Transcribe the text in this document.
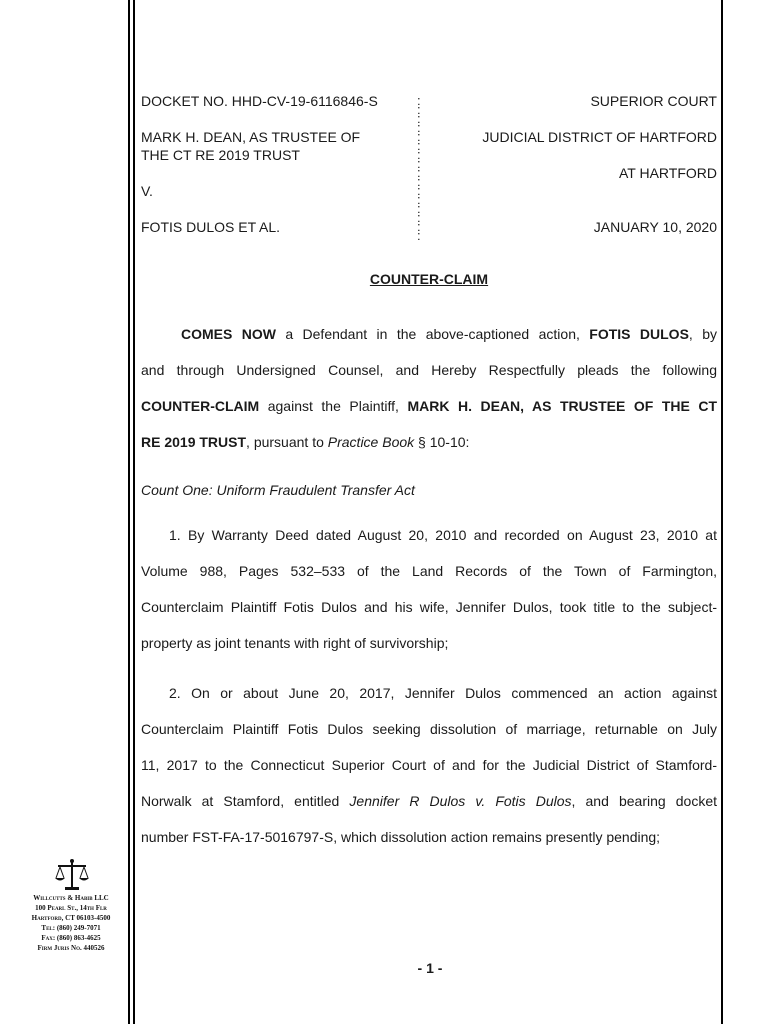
DOCKET NO. HHD-CV-19-6116846-S
MARK H. DEAN, AS TRUSTEE OF
THE CT RE 2019 TRUST
V.
FOTIS DULOS ET AL.
:
:
:
:
:
:
:
:
:
:
:
:
:
:
:
:
SUPERIOR COURT
JUDICIAL DISTRICT OF HARTFORD
AT HARTFORD
JANUARY 10, 2020
COUNTER-CLAIM
COMES NOW a Defendant in the above-captioned action, FOTIS DULOS, by
and through Undersigned Counsel, and Hereby Respectfully pleads the following
COUNTER-CLAIM against the Plaintiff, MARK H. DEAN, AS TRUSTEE OF THE CT
RE 2019 TRUST, pursuant to Practice Book § 10-10:
Count One: Uniform Fraudulent Transfer Act
1. By Warranty Deed dated August 20, 2010 and recorded on August 23, 2010 at
Volume 988, Pages 532–533 of the Land Records of the Town of Farmington,
Counterclaim Plaintiff Fotis Dulos and his wife, Jennifer Dulos, took title to the subject-
property as joint tenants with right of survivorship;
2. On or about June 20, 2017, Jennifer Dulos commenced an action against
Counterclaim Plaintiff Fotis Dulos seeking dissolution of marriage, returnable on July
11, 2017 to the Connecticut Superior Court of and for the Judicial District of Stamford-
Norwalk at Stamford, entitled Jennifer R Dulos v. Fotis Dulos, and bearing docket
number FST-FA-17-5016797-S, which dissolution action remains presently pending;
Willcutts & Habib LLC
100 Pearl St., 14th Flr
Hartford, CT 06103-4500
Tel: (860) 249-7071
Fax: (860) 863-4625
Firm Juris No. 440526
- 1 -
